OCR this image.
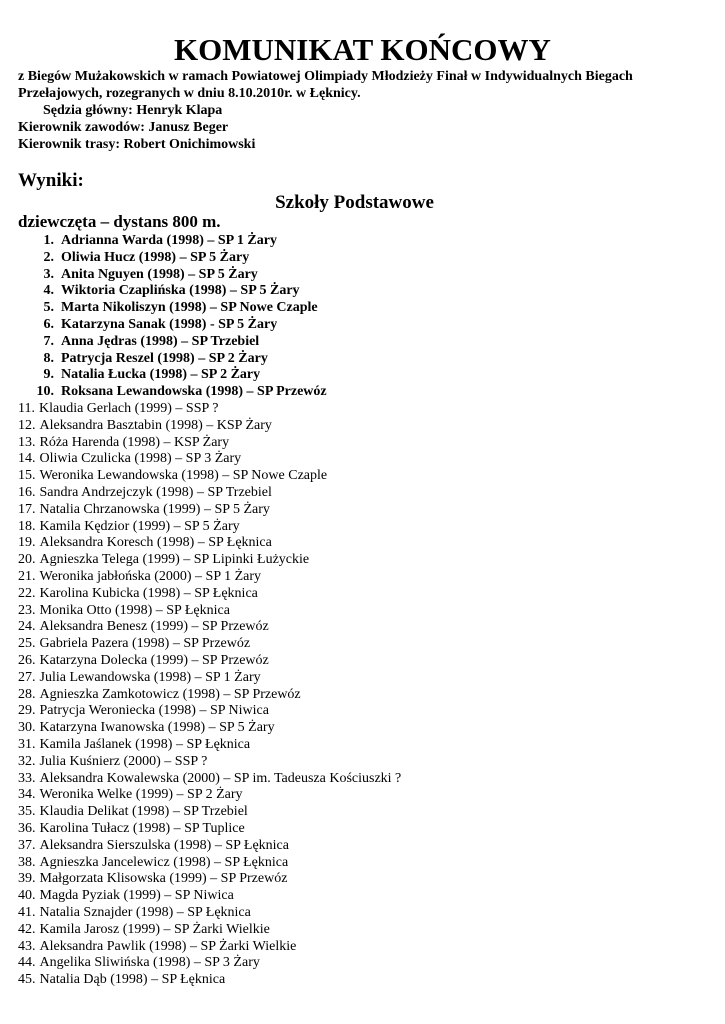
KOMUNIKAT KOŃCOWY

z Biegów Mużakowskich w ramach Powiatowej Olimpiady Młodzieży Finał w Indywidualnych Biegach Przełajowych, rozegranych w dniu 8.10.2010r. w Łęknicy.

Sędzia główny: Henryk Klapa
Kierownik zawodów: Janusz Beger
Kierownik trasy: Robert Onichimowski
Wyniki:
Szkoły Podstawowe
dziewczęta – dystans 800 m.
1. Adrianna Warda (1998) – SP 1 Żary
2. Oliwia Hucz (1998) – SP 5 Żary
3. Anita Nguyen (1998) – SP 5 Żary
4. Wiktoria Czaplińska (1998) – SP 5 Żary
5. Marta Nikoliszyn (1998) – SP Nowe Czaple
6. Katarzyna Sanak (1998) - SP 5 Żary
7. Anna Jędras (1998) – SP Trzebiel
8. Patrycja Reszel (1998) – SP 2 Żary
9. Natalia Łucka (1998) – SP 2 Żary
10. Roksana Lewandowska (1998) – SP Przewóz
11. Klaudia Gerlach (1999) – SSP ?
12. Aleksandra Basztabin (1998) – KSP Żary
13. Róża Harenda (1998) – KSP Żary
14. Oliwia Czulicka (1998) – SP 3 Żary
15. Weronika Lewandowska (1998) – SP Nowe Czaple
16. Sandra Andrzejczyk (1998) – SP Trzebiel
17. Natalia Chrzanowska (1999) – SP 5 Żary
18. Kamila Kędzior (1999) – SP 5 Żary
19. Aleksandra Koresch (1998) – SP Łęknica
20. Agnieszka Telega (1999) – SP Lipinki Łużyckie
21. Weronika jabłońska (2000) – SP 1 Żary
22. Karolina Kubicka (1998) – SP Łęknica
23. Monika Otto (1998) – SP Łęknica
24. Aleksandra Benesz (1999) – SP Przewóz
25. Gabriela Pazera (1998) – SP Przewóz
26. Katarzyna Dolecka (1999) – SP Przewóz
27. Julia Lewandowska (1998) – SP 1 Żary
28. Agnieszka Zamkotowicz (1998) – SP Przewóz
29. Patrycja Weroniecka (1998) – SP Niwica
30. Katarzyna Iwanowska (1998) – SP 5 Żary
31. Kamila Jaślanek (1998) – SP Łęknica
32. Julia Kuśnierz (2000) – SSP ?
33. Aleksandra Kowalewska (2000) – SP im. Tadeusza Kościuszki ?
34. Weronika Welke (1999) – SP 2 Żary
35. Klaudia Delikat (1998) – SP Trzebiel
36. Karolina Tułacz (1998) – SP Tuplice
37. Aleksandra Sierszulska (1998) – SP Łęknica
38. Agnieszka Jancelewicz (1998) – SP Łęknica
39. Małgorzata Klisowska (1999) – SP Przewóz
40. Magda Pyziak (1999) – SP Niwica
41. Natalia Sznajder (1998) – SP Łęknica
42. Kamila Jarosz (1999) – SP Żarki Wielkie
43. Aleksandra Pawlik (1998) – SP Żarki Wielkie
44. Angelika Sliwińska (1998) – SP 3 Żary
45. Natalia Dąb (1998) – SP Łęknica
